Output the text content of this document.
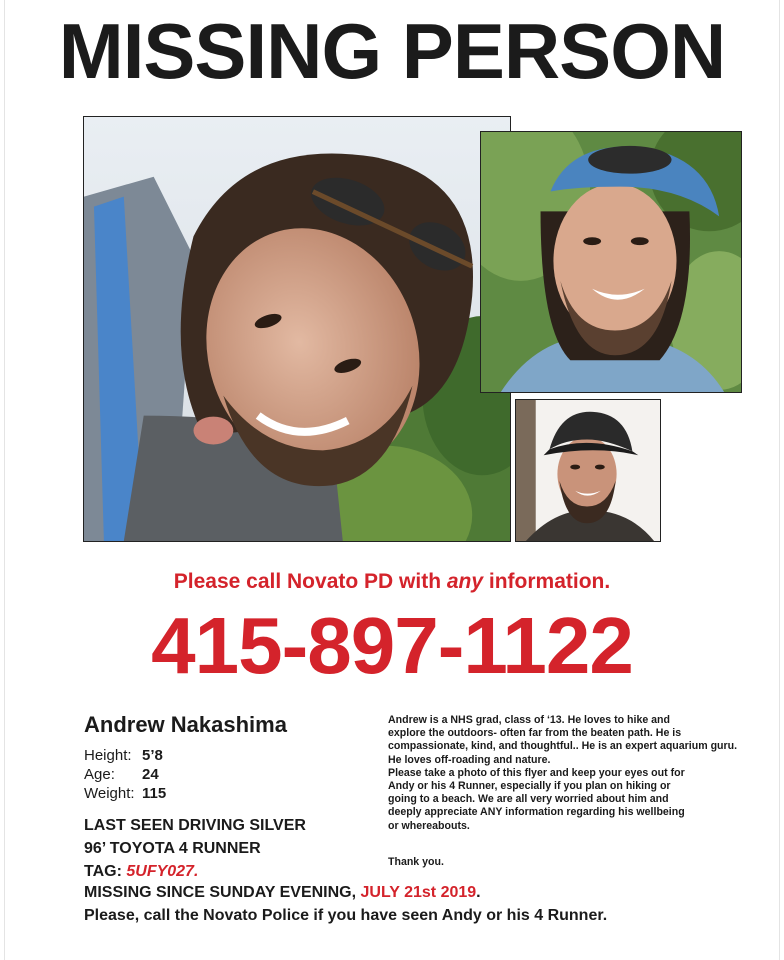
MISSING PERSON

Please call Novato PD with any information.

415-897-1122

Andrew Nakashima
Height: 5’8
Age:	24
Weight: 115

Andrew is a NHS grad, class of ‘13. He loves to hike and
explore the outdoors- often far from the beaten path. He is
compassionate, kind, and thoughtful.. He is an expert aquarium guru.
He loves off-roading and nature.
Please take a photo of this flyer and keep your eyes out for
Andy or his 4 Runner, especially if you plan on hiking or
going to a beach. We are all very worried about him and
deeply appreciate ANY information regarding his wellbeing
or whereabouts.

Thank you.

LAST SEEN DRIVING SILVER
96’ TOYOTA 4 RUNNER
TAG: 5UFY027.

MISSING SINCE SUNDAY EVENING, JULY 21st 2019.

Please, call the Novato Police if you have seen Andy or his 4 Runner.
